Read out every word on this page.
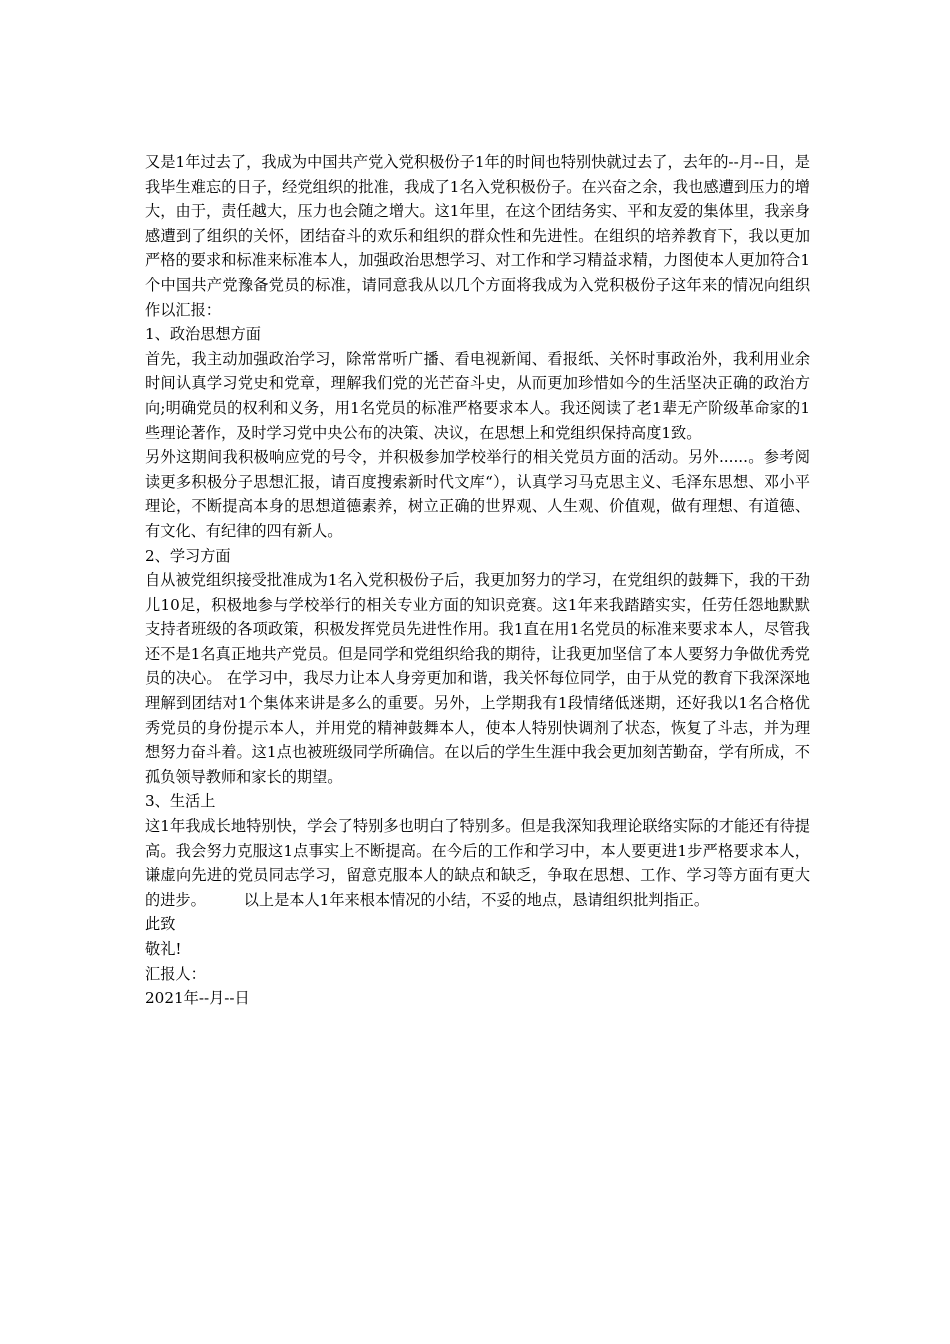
又是1年过去了，我成为中国共产党入党积极份子1年的时间也特别快就过去了，去年的--月--日，是我毕生难忘的日子，经党组织的批准，我成了1名入党积极份子。在兴奋之余，我也感遭到压力的增大，由于，责任越大，压力也会随之增大。这1年里，在这个团结务实、平和友爱的集体里，我亲身感遭到了组织的关怀，团结奋斗的欢乐和组织的群众性和先进性。在组织的培养教育下，我以更加严格的要求和标准来标准本人，加强政治思想学习、对工作和学习精益求精，力图使本人更加符合1个中国共产党豫备党员的标准，请同意我从以几个方面将我成为入党积极份子这年来的情况向组织作以汇报：

1、政治思想方面

首先，我主动加强政治学习，除常常听广播、看电视新闻、看报纸、关怀时事政治外，我利用业余时间认真学习党史和党章，理解我们党的光芒奋斗史，从而更加珍惜如今的生活坚决正确的政治方向;明确党员的权利和义务，用1名党员的标准严格要求本人。我还阅读了老1辈无产阶级革命家的1些理论著作，及时学习党中央公布的决策、决议，在思想上和党组织保持高度1致。

另外这期间我积极响应党的号令，并积极参加学校举行的相关党员方面的活动。另外......。参考阅读更多积极分子思想汇报，请百度搜索新时代文库“），认真学习马克思主义、毛泽东思想、邓小平理论，不断提高本身的思想道德素养，树立正确的世界观、人生观、价值观，做有理想、有道德、有文化、有纪律的四有新人。

2、学习方面

自从被党组织接受批准成为1名入党积极份子后，我更加努力的学习，在党组织的鼓舞下，我的干劲儿10足，积极地参与学校举行的相关专业方面的知识竞赛。这1年来我踏踏实实，任劳任怨地默默支持者班级的各项政策，积极发挥党员先进性作用。我1直在用1名党员的标准来要求本人，尽管我还不是1名真正地共产党员。但是同学和党组织给我的期待，让我更加坚信了本人要努力争做优秀党员的决心。 在学习中，我尽力让本人身旁更加和谐，我关怀每位同学，由于从党的教育下我深深地理解到团结对1个集体来讲是多么的重要。另外，上学期我有1段情绪低迷期，还好我以1名合格优秀党员的身份提示本人，并用党的精神鼓舞本人，使本人特别快调剂了状态，恢复了斗志，并为理想努力奋斗着。这1点也被班级同学所确信。在以后的学生生涯中我会更加刻苦勤奋，学有所成，不孤负领导教师和家长的期望。

3、生活上

这1年我成长地特别快，学会了特别多也明白了特别多。但是我深知我理论联络实际的才能还有待提高。我会努力克服这1点事实上不断提高。在今后的工作和学习中，本人要更进1步严格要求本人，谦虚向先进的党员同志学习，留意克服本人的缺点和缺乏，争取在思想、工作、学习等方面有更大的进步。　　　以上是本人1年来根本情况的小结，不妥的地点，恳请组织批判指正。

此致

敬礼!

汇报人：

2021年--月--日
